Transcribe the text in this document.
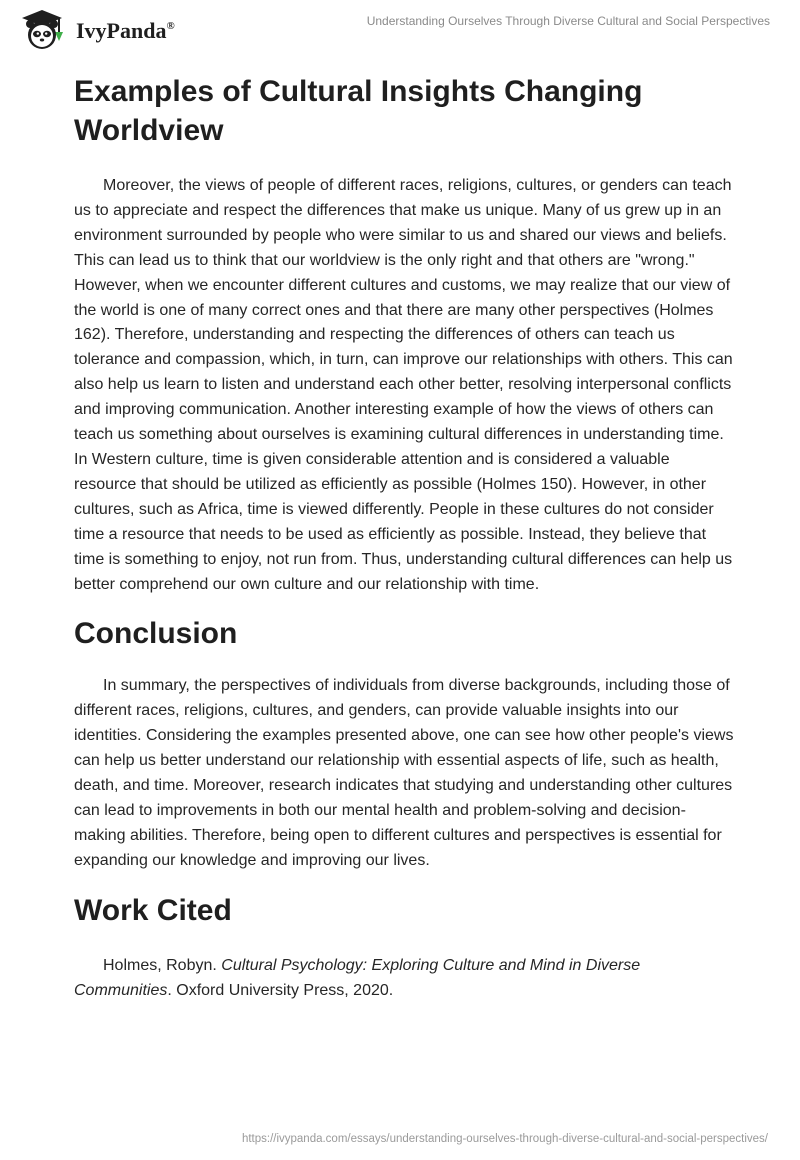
IvyPanda®	Understanding Ourselves Through Diverse Cultural and Social Perspectives
Examples of Cultural Insights Changing Worldview

Moreover, the views of people of different races, religions, cultures, or genders can teach us to appreciate and respect the differences that make us unique. Many of us grew up in an environment surrounded by people who were similar to us and shared our views and beliefs. This can lead us to think that our worldview is the only right and that others are "wrong." However, when we encounter different cultures and customs, we may realize that our view of the world is one of many correct ones and that there are many other perspectives (Holmes 162). Therefore, understanding and respecting the differences of others can teach us tolerance and compassion, which, in turn, can improve our relationships with others. This can also help us learn to listen and understand each other better, resolving interpersonal conflicts and improving communication. Another interesting example of how the views of others can teach us something about ourselves is examining cultural differences in understanding time. In Western culture, time is given considerable attention and is considered a valuable resource that should be utilized as efficiently as possible (Holmes 150). However, in other cultures, such as Africa, time is viewed differently. People in these cultures do not consider time a resource that needs to be used as efficiently as possible. Instead, they believe that time is something to enjoy, not run from. Thus, understanding cultural differences can help us better comprehend our own culture and our relationship with time.

Conclusion

In summary, the perspectives of individuals from diverse backgrounds, including those of different races, religions, cultures, and genders, can provide valuable insights into our identities. Considering the examples presented above, one can see how other people's views can help us better understand our relationship with essential aspects of life, such as health, death, and time. Moreover, research indicates that studying and understanding other cultures can lead to improvements in both our mental health and problem-solving and decision-making abilities. Therefore, being open to different cultures and perspectives is essential for expanding our knowledge and improving our lives.

Work Cited

Holmes, Robyn. Cultural Psychology: Exploring Culture and Mind in Diverse Communities. Oxford University Press, 2020.

https://ivypanda.com/essays/understanding-ourselves-through-diverse-cultural-and-social-perspectives/
